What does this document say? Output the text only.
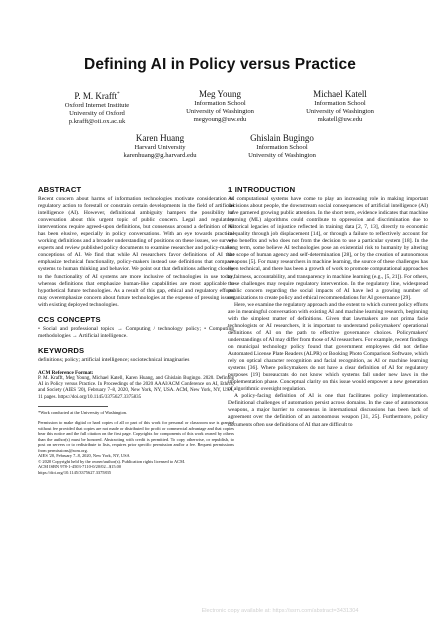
Defining AI in Policy versus Practice
P. M. Krafft*
Oxford Internet Institute
University of Oxford
p.krafft@oii.ox.ac.uk
Meg Young
Information School
University of Washington
megyoung@uw.edu
Michael Katell
Information School
University of Washington
mkatell@uw.edu
Karen Huang
Harvard University
karenhuang@g.harvard.edu
Ghislain Bugingo
Information School
University of Washington
ABSTRACT
Recent concern about harms of information technologies motivate consideration of regulatory action to forestall or constrain certain developments in the field of artificial intelligence (AI). However, definitional ambiguity hampers the possibility of conversation about this urgent topic of public concern. Legal and regulatory interventions require agreed-upon definitions, but consensus around a definition of AI has been elusive, especially in policy conversations. With an eye towards practical working definitions and a broader understanding of positions on these issues, we survey experts and review published policy documents to examine researcher and policy-maker conceptions of AI. We find that while AI researchers favor definitions of AI that emphasize technical functionality, policy-makers instead use definitions that compare systems to human thinking and behavior. We point out that definitions adhering closely to the functionality of AI systems are more inclusive of technologies in use today, whereas definitions that emphasize human-like capabilities are most applicable to hypothetical future technologies. As a result of this gap, ethical and regulatory efforts may overemphasize concern about future technologies at the expense of pressing issues with existing deployed technologies.
CCS CONCEPTS
• Social and professional topics → Computing / technology policy; • Computing methodologies → Artificial intelligence.
KEYWORDS
definitions; policy; artificial intelligence; sociotechnical imaginaries
ACM Reference Format:
P. M. Krafft, Meg Young, Michael Katell, Karen Huang, and Ghislain Bugingo. 2020. Defining AI in Policy versus Practice. In Proceedings of the 2020 AAAI/ACM Conference on AI, Ethics, and Society (AIES '20), February 7–8, 2020, New York, NY, USA. ACM, New York, NY, USA, 11 pages. https://doi.org/10.1145/3375627.3375835
*Work conducted at the University of Washington.
Permission to make digital or hard copies of all or part of this work for personal or classroom use is granted without fee provided that copies are not made or distributed for profit or commercial advantage and that copies bear this notice and the full citation on the first page. Copyrights for components of this work owned by others than the author(s) must be honored. Abstracting with credit is permitted. To copy otherwise, or republish, to post on servers or to redistribute to lists, requires prior specific permission and/or a fee. Request permissions from permissions@acm.org.
AIES '20, February 7–8, 2020, New York, NY, USA
© 2020 Copyright held by the owner/author(s). Publication rights licensed to ACM.
ACM ISBN 978-1-4503-7110-0/20/02...$15.00
https://doi.org/10.1145/3375627.3375835
1 INTRODUCTION

As computational systems have come to play an increasing role in making important decisions about people, the downstream social consequences of artificial intelligence (AI) have garnered growing public attention. In the short term, evidence indicates that machine learning (ML) algorithms could contribute to oppression and discrimination due to historical legacies of injustice reflected in training data [2, 7, 13], directly to economic inequality through job displacement [14], or through a failure to reflectively account for who benefits and who does not from the decision to use a particular system [18]. In the long term, some believe AI technologies pose an existential risk to humanity by altering the scope of human agency and self-determination [28], or by the creation of autonomous weapons [5]. For many researchers in machine learning, the source of these challenges has been technical, and there has been a growth of work to promote computational approaches to fairness, accountability, and transparency in machine learning (e.g., [5, 21]). For others, these challenges may require regulatory intervention. In the regulatory line, widespread public concern regarding the social impacts of AI have led a growing number of organizations to create policy and ethical recommendations for AI governance [29].

Here, we examine the regulatory approach and the extent to which current policy efforts are in meaningful conversation with existing AI and machine learning research, beginning with the simplest matter of definitions. Given that lawmakers are not prima facie technologists or AI researchers, it is important to understand policymakers' operational definitions of AI on the path to effective governance choices. Policymakers' understandings of AI may differ from those of AI researchers. For example, recent findings on municipal technology policy found that government employees did not define Automated License Plate Readers (ALPR) or Booking Photo Comparison Software, which rely on optical character recognition and facial recognition, as AI or machine learning systems [36]. Where policymakers do not have a clear definition of AI for regulatory purposes [19] bureaucrats do not know which systems fall under new laws in the implementation phase. Conceptual clarity on this issue would empower a new generation of algorithmic oversight regulation.

A policy-facing definition of AI is one that facilitates policy implementation. Definitional challenges of automation persist across domains. In the case of autonomous weapons, a major barrier to consensus in international discussions has been lack of agreement over the definition of an autonomous weapon [31, 25]. Furthermore, policy documents often use definitions of AI that are difficult to

Electronic copy available at: https://ssrn.com/abstract=3431304
